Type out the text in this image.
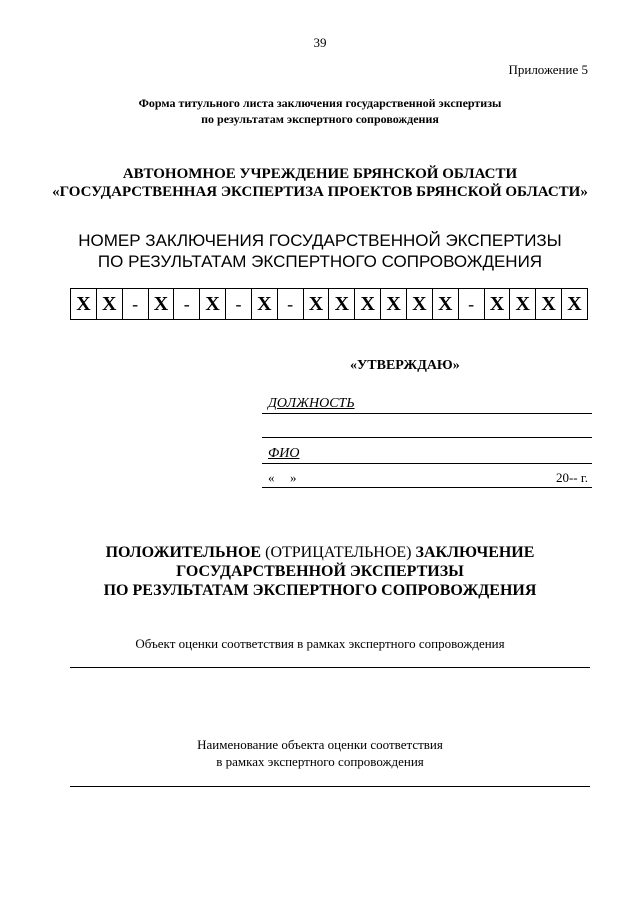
39
Приложение 5
Форма титульного листа заключения государственной экспертизы
по результатам экспертного сопровождения
АВТОНОМНОЕ УЧРЕЖДЕНИЕ БРЯНСКОЙ ОБЛАСТИ
«ГОСУДАРСТВЕННАЯ ЭКСПЕРТИЗА ПРОЕКТОВ БРЯНСКОЙ ОБЛАСТИ»
НОМЕР ЗАКЛЮЧЕНИЯ ГОСУДАРСТВЕННОЙ ЭКСПЕРТИЗЫ
ПО РЕЗУЛЬТАТАМ ЭКСПЕРТНОГО СОПРОВОЖДЕНИЯ
X X - X - X - X - X X X X X X - X X X X
«УТВЕРЖДАЮ»
ДОЛЖНОСТЬ
ФИО
« »	20-- г.
ПОЛОЖИТЕЛЬНОЕ (ОТРИЦАТЕЛЬНОЕ) ЗАКЛЮЧЕНИЕ
ГОСУДАРСТВЕННОЙ ЭКСПЕРТИЗЫ
ПО РЕЗУЛЬТАТАМ ЭКСПЕРТНОГО СОПРОВОЖДЕНИЯ
Объект оценки соответствия в рамках экспертного сопровождения
Наименование объекта оценки соответствия
в рамках экспертного сопровождения
